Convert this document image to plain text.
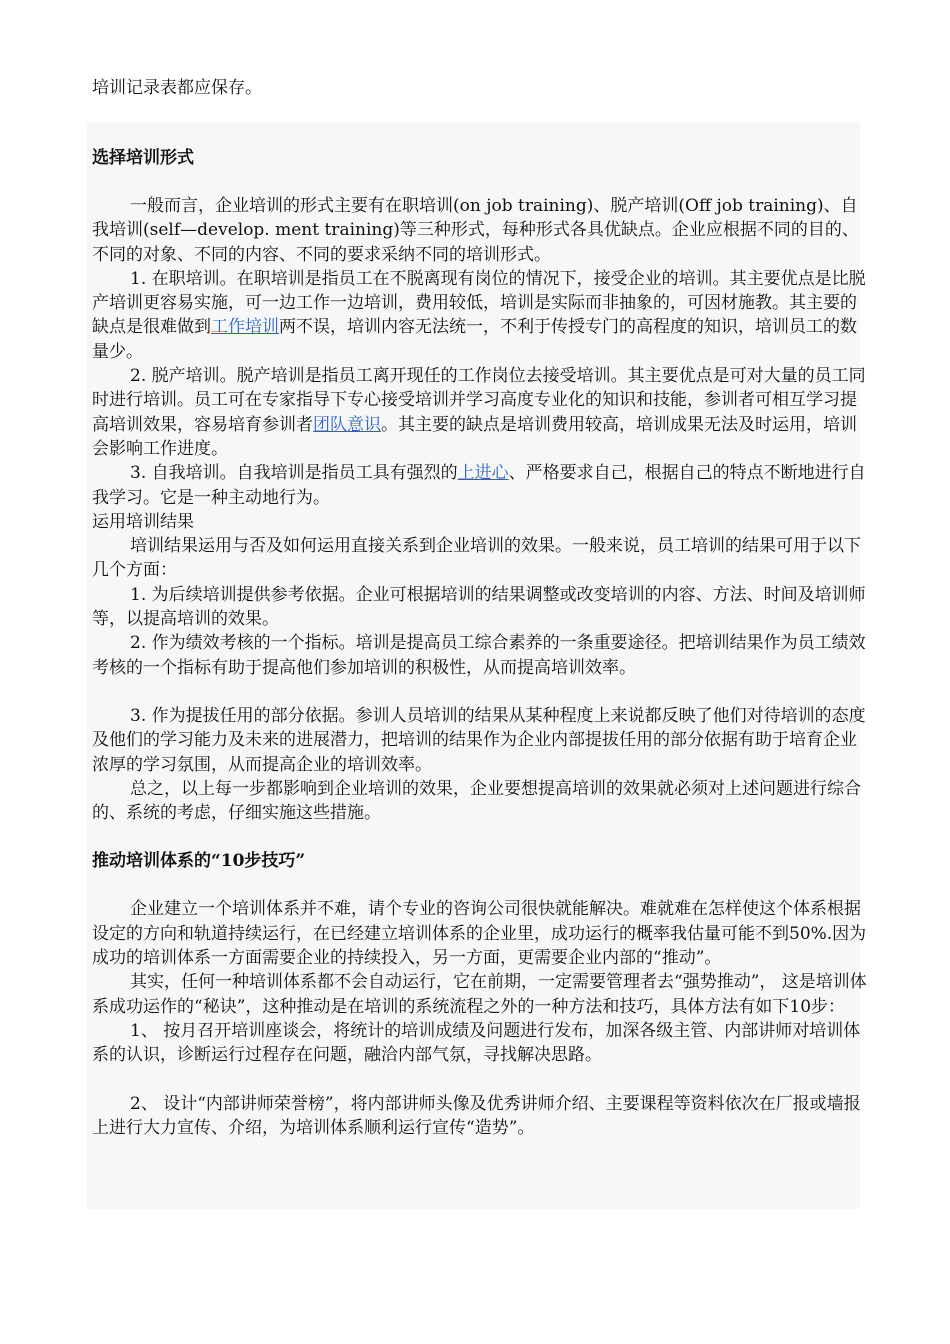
培训记录表都应保存。

选择培训形式

一般而言，企业培训的形式主要有在职培训(on job training)、脱产培训(Off job training)、自我培训(self—develop. ment training)等三种形式，每种形式各具优缺点。企业应根据不同的目的、不同的对象、不同的内容、不同的要求采纳不同的培训形式。

1. 在职培训。在职培训是指员工在不脱离现有岗位的情况下，接受企业的培训。其主要优点是比脱产培训更容易实施，可一边工作一边培训，费用较低，培训是实际而非抽象的，可因材施教。其主要的缺点是很难做到工作培训两不误，培训内容无法统一，不利于传授专门的高程度的知识，培训员工的数量少。

2. 脱产培训。脱产培训是指员工离开现任的工作岗位去接受培训。其主要优点是可对大量的员工同时进行培训。员工可在专家指导下专心接受培训并学习高度专业化的知识和技能，参训者可相互学习提高培训效果，容易培育参训者团队意识。其主要的缺点是培训费用较高，培训成果无法及时运用，培训会影响工作进度。

3. 自我培训。自我培训是指员工具有强烈的上进心、严格要求自己，根据自己的特点不断地进行自我学习。它是一种主动地行为。

运用培训结果

培训结果运用与否及如何运用直接关系到企业培训的效果。一般来说，员工培训的结果可用于以下几个方面：

1. 为后续培训提供参考依据。企业可根据培训的结果调整或改变培训的内容、方法、时间及培训师等，以提高培训的效果。

2. 作为绩效考核的一个指标。培训是提高员工综合素养的一条重要途径。把培训结果作为员工绩效考核的一个指标有助于提高他们参加培训的积极性，从而提高培训效率。

3. 作为提拔任用的部分依据。参训人员培训的结果从某种程度上来说都反映了他们对待培训的态度及他们的学习能力及未来的进展潜力，把培训的结果作为企业内部提拔任用的部分依据有助于培育企业浓厚的学习氛围，从而提高企业的培训效率。

总之，以上每一步都影响到企业培训的效果，企业要想提高培训的效果就必须对上述问题进行综合的、系统的考虑，仔细实施这些措施。

推动培训体系的“10步技巧”

企业建立一个培训体系并不难，请个专业的咨询公司很快就能解决。难就难在怎样使这个体系根据设定的方向和轨道持续运行，在已经建立培训体系的企业里，成功运行的概率我估量可能不到50%.因为成功的培训体系一方面需要企业的持续投入，另一方面，更需要企业内部的“推动”。

其实，任何一种培训体系都不会自动运行，它在前期，一定需要管理者去“强势推动”， 这是培训体系成功运作的“秘诀”，这种推动是在培训的系统流程之外的一种方法和技巧，具体方法有如下10步：

1、 按月召开培训座谈会，将统计的培训成绩及问题进行发布，加深各级主管、内部讲师对培训体系的认识，诊断运行过程存在问题，融洽内部气氛，寻找解决思路。

2、 设计“内部讲师荣誉榜”，将内部讲师头像及优秀讲师介绍、主要课程等资料依次在厂报或墙报上进行大力宣传、介绍，为培训体系顺利运行宣传“造势”。
